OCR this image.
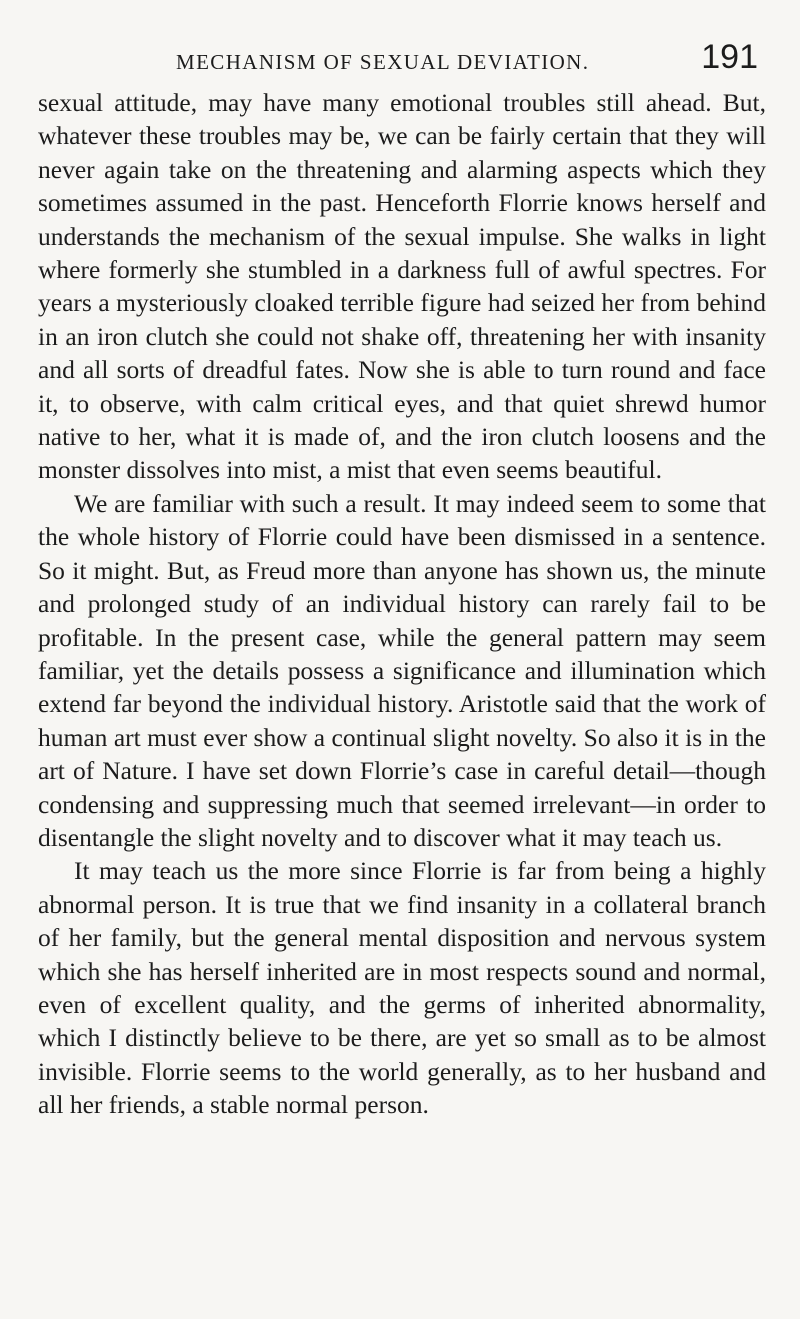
MECHANISM OF SEXUAL DEVIATION.	191

sexual attitude, may have many emotional troubles still ahead. But, whatever these troubles may be, we can be fairly certain that they will never again take on the threatening and alarming aspects which they sometimes assumed in the past. Henceforth Florrie knows herself and understands the mechanism of the sexual impulse. She walks in light where formerly she stumbled in a darkness full of awful spectres. For years a mysteriously cloaked terrible figure had seized her from behind in an iron clutch she could not shake off, threatening her with insanity and all sorts of dreadful fates. Now she is able to turn round and face it, to observe, with calm critical eyes, and that quiet shrewd humor native to her, what it is made of, and the iron clutch loosens and the monster dissolves into mist, a mist that even seems beautiful.

We are familiar with such a result. It may indeed seem to some that the whole history of Florrie could have been dismissed in a sentence. So it might. But, as Freud more than anyone has shown us, the minute and prolonged study of an individual history can rarely fail to be profitable. In the present case, while the general pattern may seem familiar, yet the details possess a significance and illumination which extend far beyond the individual history. Aristotle said that the work of human art must ever show a continual slight novelty. So also it is in the art of Nature. I have set down Florrie’s case in careful detail—though condensing and suppressing much that seemed irrelevant—in order to disentangle the slight novelty and to discover what it may teach us.

It may teach us the more since Florrie is far from being a highly abnormal person. It is true that we find insanity in a collateral branch of her family, but the general mental disposition and nervous system which she has herself inherited are in most respects sound and normal, even of excellent quality, and the germs of inherited abnormality, which I distinctly believe to be there, are yet so small as to be almost invisible. Florrie seems to the world generally, as to her husband and all her friends, a stable normal person.
